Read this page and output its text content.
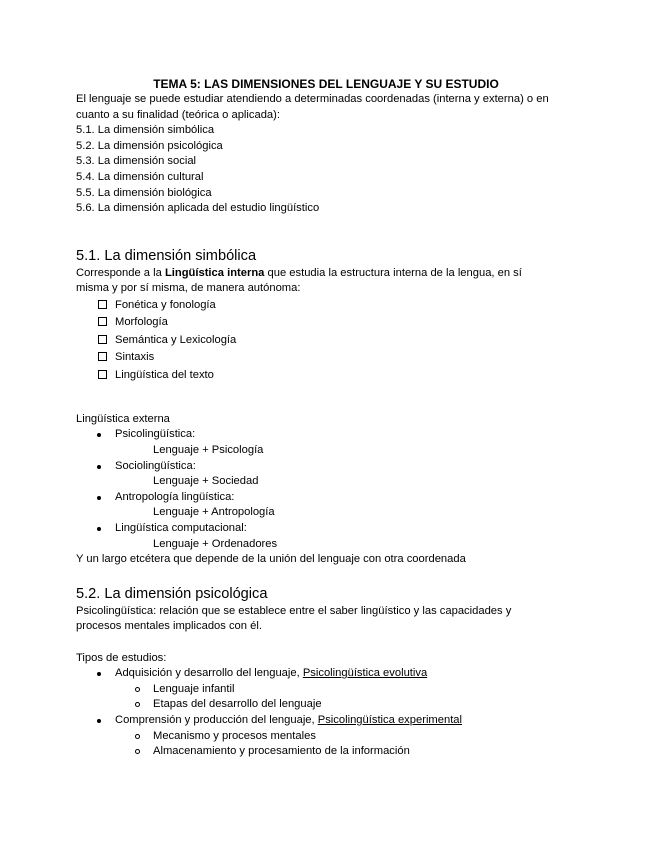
TEMA 5: LAS DIMENSIONES DEL LENGUAJE Y SU ESTUDIO

El lenguaje se puede estudiar atendiendo a determinadas coordenadas (interna y externa) o en
cuanto a su finalidad (teórica o aplicada):

5.1. La dimensión simbólica
5.2. La dimensión psicológica
5.3. La dimensión social
5.4. La dimensión cultural
5.5. La dimensión biológica
5.6. La dimensión aplicada del estudio lingüístico
5.1. La dimensión simbólica

Corresponde a la Lingüística interna que estudia la estructura interna de la lengua, en sí
misma y por sí misma, de manera autónoma:

Fonética y fonología
Morfología
Semántica y Lexicología
Sintaxis
Lingüística del texto

Lingüística externa

Psicolingüística:
Lenguaje + Psicología
Sociolingüística:
Lenguaje + Sociedad
Antropología lingüística:
Lenguaje + Antropología
Lingüística computacional:
Lenguaje + Ordenadores

Y un largo etcétera que depende de la unión del lenguaje con otra coordenada

5.2. La dimensión psicológica

Psicolingüística: relación que se establece entre el saber lingüístico y las capacidades y
procesos mentales implicados con él.

Tipos de estudios:

Adquisición y desarrollo del lenguaje, Psicolingüística evolutiva
Lenguaje infantil
Etapas del desarrollo del lenguaje
Comprensión y producción del lenguaje, Psicolingüística experimental
Mecanismo y procesos mentales
Almacenamiento y procesamiento de la información
